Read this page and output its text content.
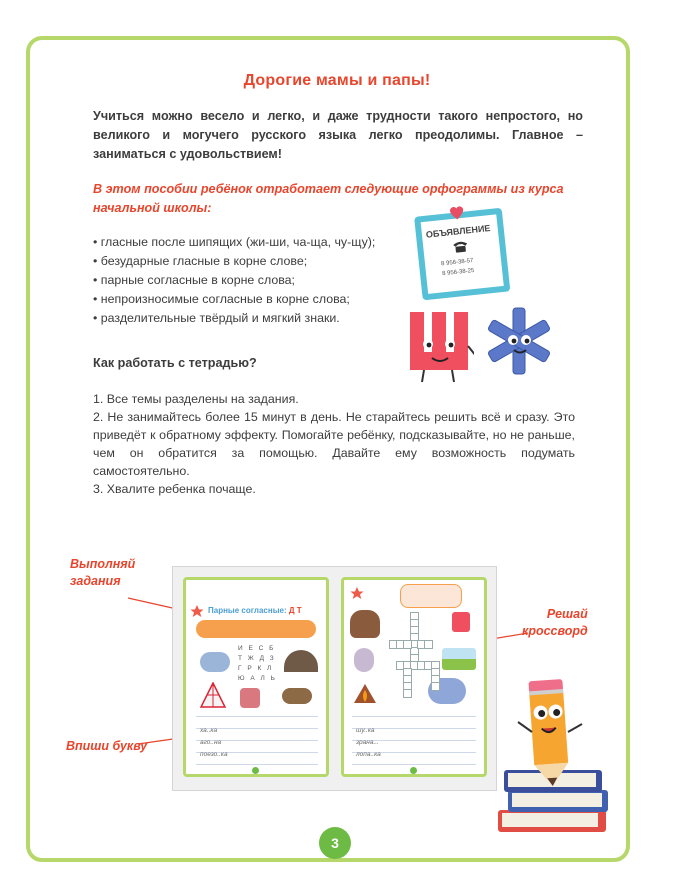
Дорогие мамы и папы!
Учиться можно весело и легко, и даже трудности такого непростого, но великого и могучего русского языка легко преодолимы. Главное – заниматься с удовольствием!
В этом пособии ребёнок отработает следующие орфограммы из курса начальной школы:
• гласные после шипящих (жи-ши, ча-ща, чу-щу);
• безударные гласные в корне слове;
• парные согласные в корне слова;
• непроизносимые согласные в корне слова;
• разделительные твёрдый и мягкий знаки.
Как работать с тетрадью?
1. Все темы разделены на задания.
2. Не занимайтесь более 15 минут в день. Не старайтесь решить всё и сразу. Это приведёт к обратному эффекту. Помогайте ребёнку, подсказывайте, но не раньше, чем он обратится за помощью. Давайте ему возможность подумать самостоятельно.
3. Хвалите ребенка почаще.
ОБЪЯВЛЕНИЕ
8 956-38-57
8 956-38-25
Выполняй
задания
Решай
кроссворд
Впиши букву
Парные согласные: Д Т
И Е С Б
Т Ж Д З
Г Р К Л
Ю А Л Ь
ха..ка
аго..на
поезо..ка
шу..ка
зрана...
лопа..ка
3
